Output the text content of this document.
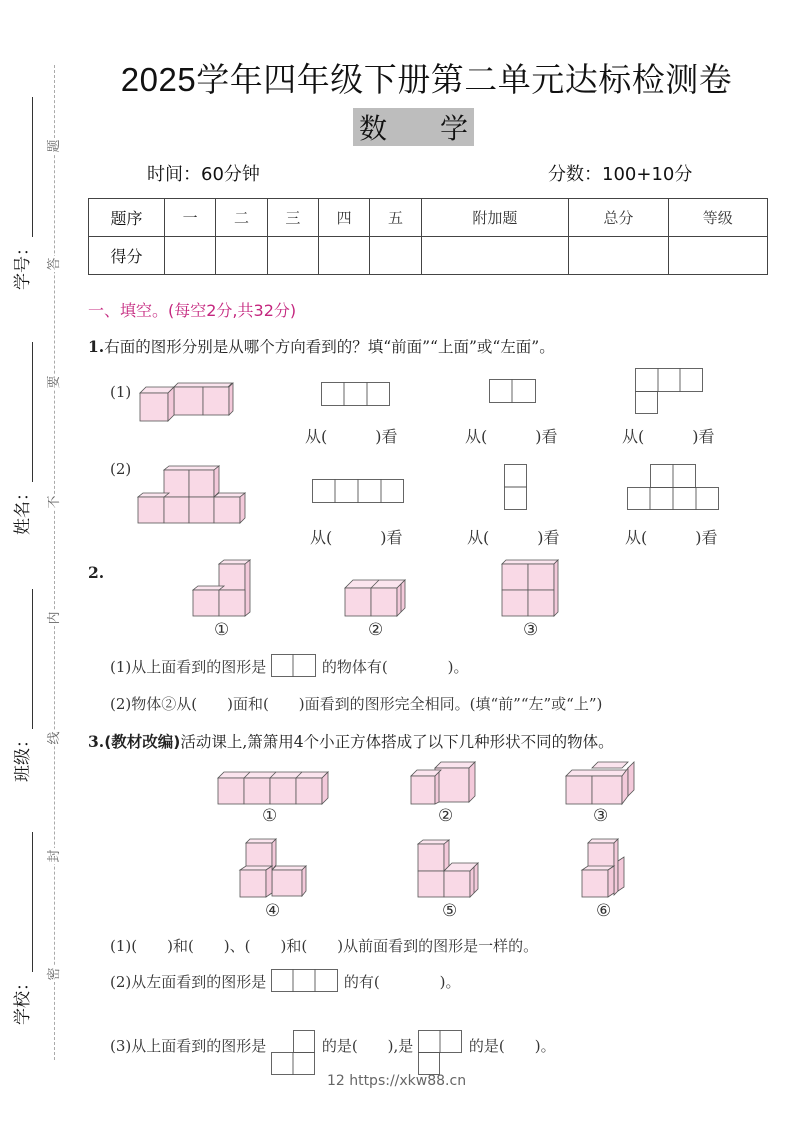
题
答
要
不
内
线
封
密
学号：
姓名：
班级：
学校：
2025学年四年级下册第二单元达标检测卷
数 学
时间：60分钟	分数：100+10分
题序	一	二	三	四	五	附加题	总分	等级
得分								
一、填空。(每空2分,共32分)
1.右面的图形分别是从哪个方向看到的？填“前面”“上面”或“左面”。
(1)
从(　　　)看	从(　　　)看	从(　　　)看
(2)
从(　　　)看	从(　　　)看	从(　　　)看
2.
①	②	③
(1)从上面看到的图形是	的物体有(　　　　)。
(2)物体②从(　　)面和(　　)面看到的图形完全相同。(填“前”“左”或“上”)
3.(教材改编)活动课上,箫箫用4个小正方体搭成了以下几种形状不同的物体。
①	②	③
④	⑤	⑥
(1)(　　)和(　　)、(　　)和(　　)从前面看到的图形是一样的。
(2)从左面看到的图形是	的有(　　　　)。
(3)从上面看到的图形是	的是(　　),是	的是(　　)。
12 https://xkw88.cn
